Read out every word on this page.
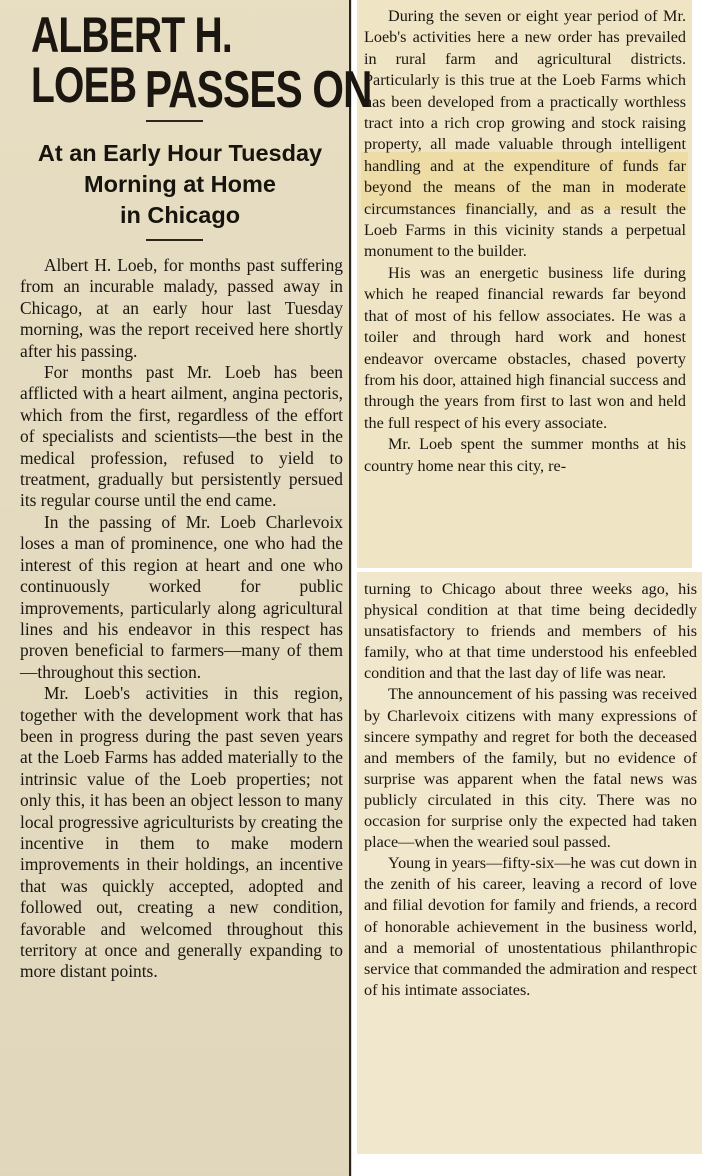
ALBERT H. LOEB PASSES ON
At an Early Hour Tuesday
Morning at Home
in Chicago

Albert H. Loeb, for months past suffering from an incurable malady, passed away in Chicago, at an early hour last Tuesday morning, was the report received here shortly after his passing.

For months past Mr. Loeb has been afflicted with a heart ailment, angina pectoris, which from the first, regardless of the effort of specialists and scientists—the best in the medical profession, refused to yield to treatment, gradually but persistently persued its regular course until the end came.

In the passing of Mr. Loeb Charlevoix loses a man of prominence, one who had the interest of this region at heart and one who continuously worked for public improvements, particularly along agricultural lines and his endeavor in this respect has proven beneficial to farmers—many of them—throughout this section.

Mr. Loeb's activities in this region, together with the development work that has been in progress during the past seven years at the Loeb Farms has added materially to the intrinsic value of the Loeb properties; not only this, it has been an object lesson to many local progressive agriculturists by creating the incentive in them to make modern improvements in their holdings, an incentive that was quickly accepted, adopted and followed out, creating a new condition, favorable and welcomed throughout this territory at once and generally expanding to more distant points.

During the seven or eight year period of Mr. Loeb's activities here a new order has prevailed in rural farm and agricultural districts. Particularly is this true at the Loeb Farms which has been developed from a practically worthless tract into a rich crop growing and stock raising property, all made valuable through intelligent handling and at the expenditure of funds far beyond the means of the man in moderate circumstances financially, and as a result the Loeb Farms in this vicinity stands a perpetual monument to the builder.

His was an energetic business life during which he reaped financial rewards far beyond that of most of his fellow associates. He was a toiler and through hard work and honest endeavor overcame obstacles, chased poverty from his door, attained high financial success and through the years from first to last won and held the full respect of his every associate.

Mr. Loeb spent the summer months at his country home near this city, re-

turning to Chicago about three weeks ago, his physical condition at that time being decidedly unsatisfactory to friends and members of his family, who at that time understood his enfeebled condition and that the last day of life was near.

The announcement of his passing was received by Charlevoix citizens with many expressions of sincere sympathy and regret for both the deceased and members of the family, but no evidence of surprise was apparent when the fatal news was publicly circulated in this city. There was no occasion for surprise only the expected had taken place—when the wearied soul passed.

Young in years—fifty-six—he was cut down in the zenith of his career, leaving a record of love and filial devotion for family and friends, a record of honorable achievement in the business world, and a memorial of unostentatious philanthropic service that commanded the admiration and respect of his intimate associates.
